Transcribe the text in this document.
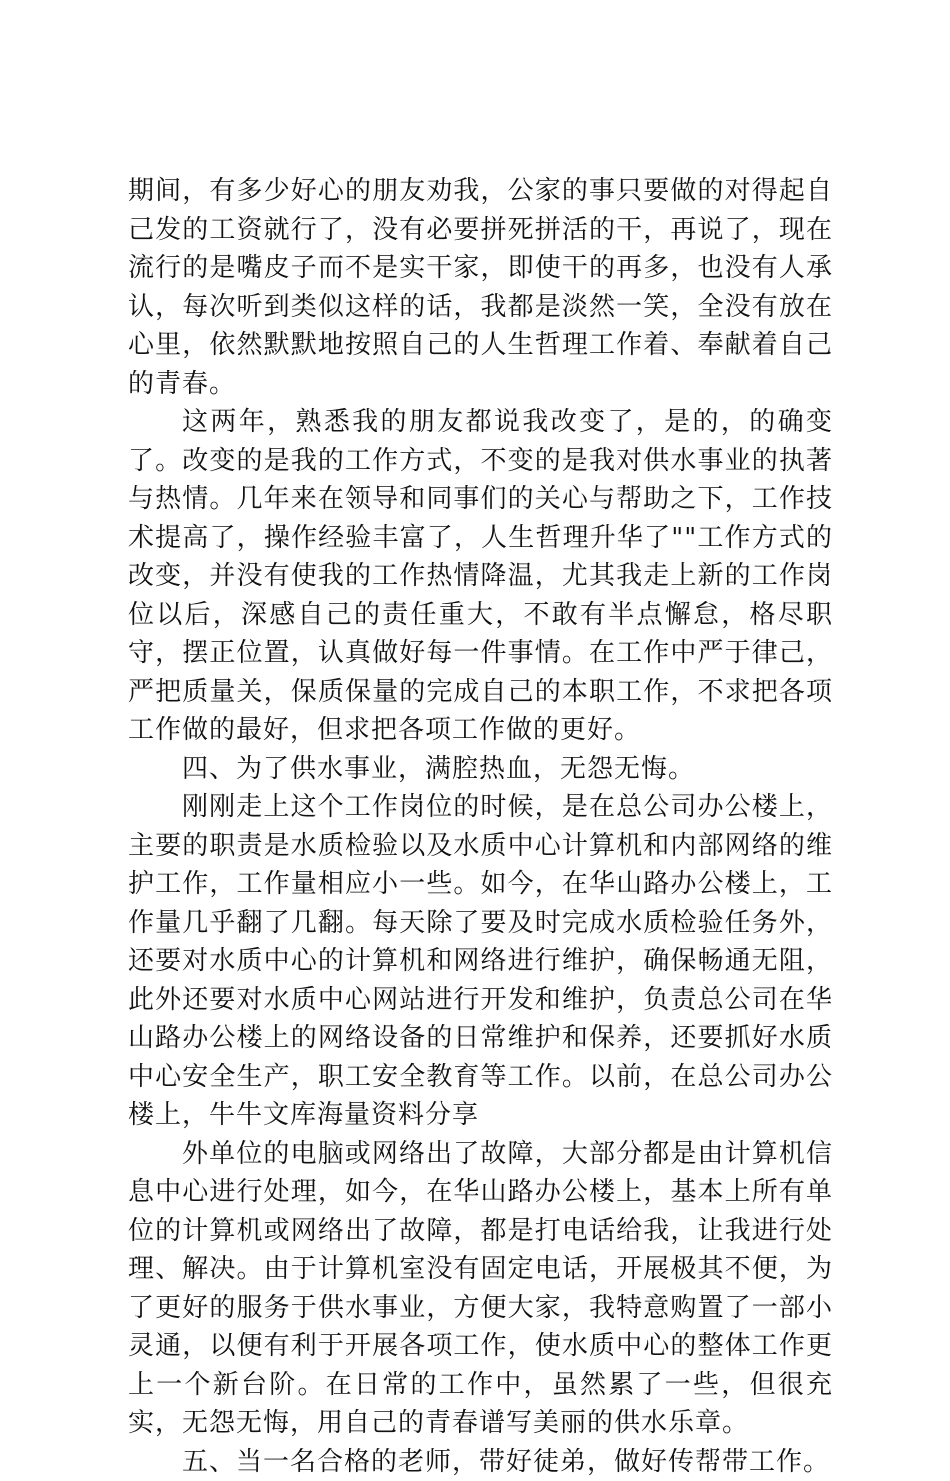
期间，有多少好心的朋友劝我，公家的事只要做的对得起自己发的工资就行了，没有必要拼死拼活的干，再说了，现在流行的是嘴皮子而不是实干家，即使干的再多，也没有人承认，每次听到类似这样的话，我都是淡然一笑，全没有放在心里，依然默默地按照自己的人生哲理工作着、奉献着自己的青春。

这两年，熟悉我的朋友都说我改变了，是的，的确变了。改变的是我的工作方式，不变的是我对供水事业的执著与热情。几年来在领导和同事们的关心与帮助之下，工作技术提高了，操作经验丰富了，人生哲理升华了""工作方式的改变，并没有使我的工作热情降温，尤其我走上新的工作岗位以后，深感自己的责任重大，不敢有半点懈怠，格尽职守，摆正位置，认真做好每一件事情。在工作中严于律己，严把质量关，保质保量的完成自己的本职工作，不求把各项工作做的最好，但求把各项工作做的更好。

四、为了供水事业，满腔热血，无怨无悔。

刚刚走上这个工作岗位的时候，是在总公司办公楼上，主要的职责是水质检验以及水质中心计算机和内部网络的维护工作，工作量相应小一些。如今，在华山路办公楼上，工作量几乎翻了几翻。每天除了要及时完成水质检验任务外，还要对水质中心的计算机和网络进行维护，确保畅通无阻，此外还要对水质中心网站进行开发和维护，负责总公司在华山路办公楼上的网络设备的日常维护和保养，还要抓好水质中心安全生产，职工安全教育等工作。以前，在总公司办公楼上，牛牛文库海量资料分享

外单位的电脑或网络出了故障，大部分都是由计算机信息中心进行处理，如今，在华山路办公楼上，基本上所有单位的计算机或网络出了故障，都是打电话给我，让我进行处理、解决。由于计算机室没有固定电话，开展极其不便，为了更好的服务于供水事业，方便大家，我特意购置了一部小灵通，以便有利于开展各项工作，使水质中心的整体工作更上一个新台阶。在日常的工作中，虽然累了一些，但很充实，无怨无悔，用自己的青春谱写美丽的供水乐章。

五、当一名合格的老师，带好徒弟，做好传帮带工作。
